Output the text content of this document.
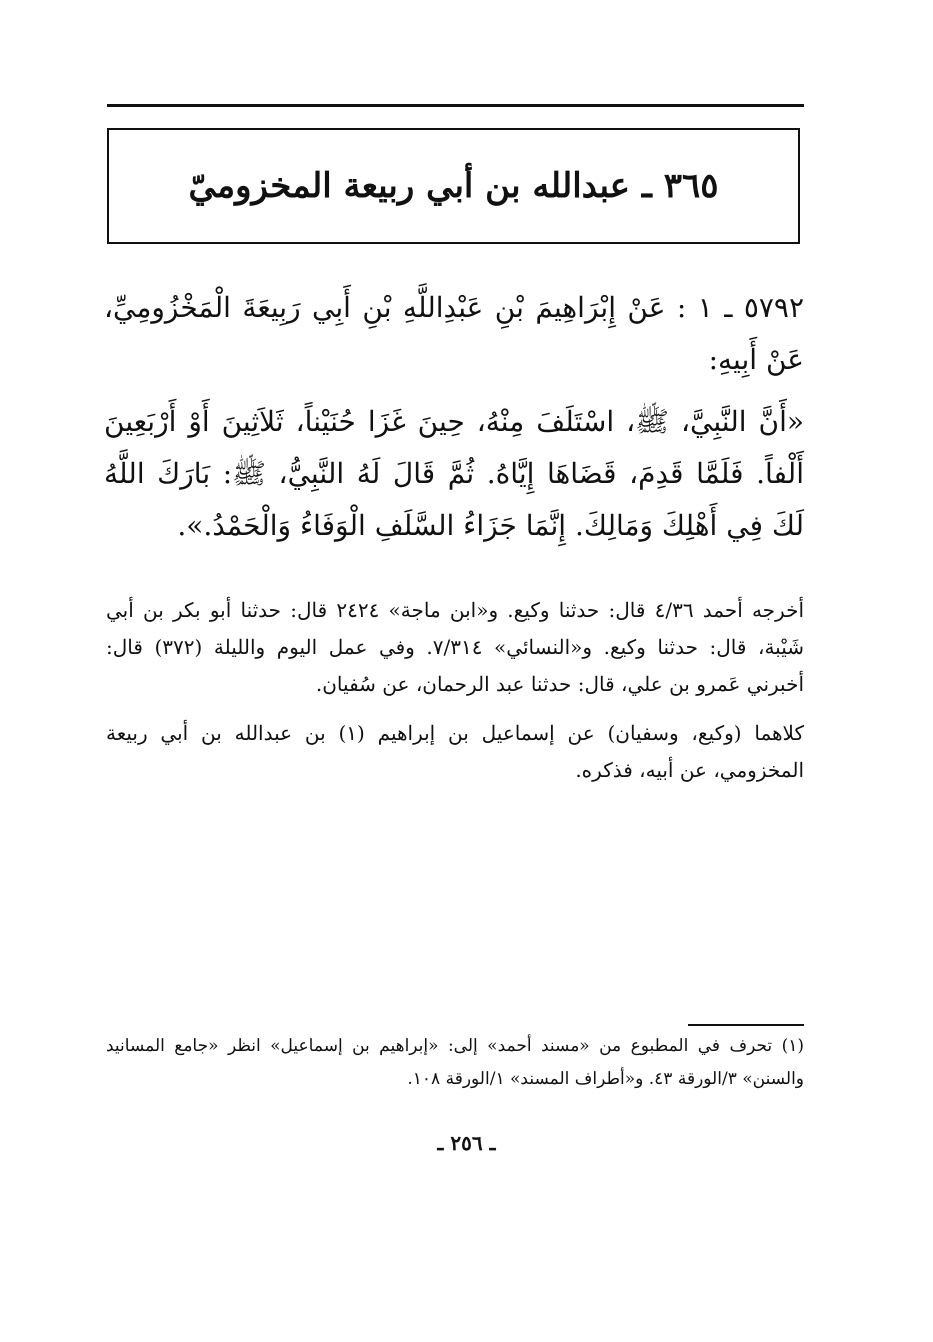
٣٦٥ ـ عبدالله بن أبي ربيعة المخزوميّ

٥٧٩٢ ـ ١ : عَنْ إِبْرَاهِيمَ بْنِ عَبْدِاللَّهِ بْنِ أَبِي رَبِيعَةَ الْمَخْزُومِيِّ، عَنْ أَبِيهِ:

«أَنَّ النَّبِيَّ، ﷺ، اسْتَلَفَ مِنْهُ، حِينَ غَزَا حُنَيْناً، ثَلاَثِينَ أَوْ أَرْبَعِينَ أَلْفاً. فَلَمَّا قَدِمَ، قَضَاهَا إِيَّاهُ. ثُمَّ قَالَ لَهُ النَّبِيُّ، ﷺ: بَارَكَ اللَّهُ لَكَ فِي أَهْلِكَ وَمَالِكَ. إِنَّمَا جَزَاءُ السَّلَفِ الْوَفَاءُ وَالْحَمْدُ.».

أخرجه أحمد ٤/٣٦ قال: حدثنا وكيع. و«ابن ماجة» ٢٤٢٤ قال: حدثنا أبو بكر بن أبي شَيْبة، قال: حدثنا وكيع. و«النسائي» ٧/٣١٤. وفي عمل اليوم والليلة (٣٧٢) قال: أخبرني عَمرو بن علي، قال: حدثنا عبد الرحمان، عن سُفيان.

كلاهما (وكيع، وسفيان) عن إسماعيل بن إبراهيم (١) بن عبدالله بن أبي ربيعة المخزومي، عن أبيه، فذكره.

(١) تحرف في المطبوع من «مسند أحمد» إلى: «إبراهيم بن إسماعيل» انظر «جامع المسانيد والسنن» ٣/الورقة ٤٣. و«أطراف المسند» ١/الورقة ١٠٨.

ـ ٢٥٦ ـ
